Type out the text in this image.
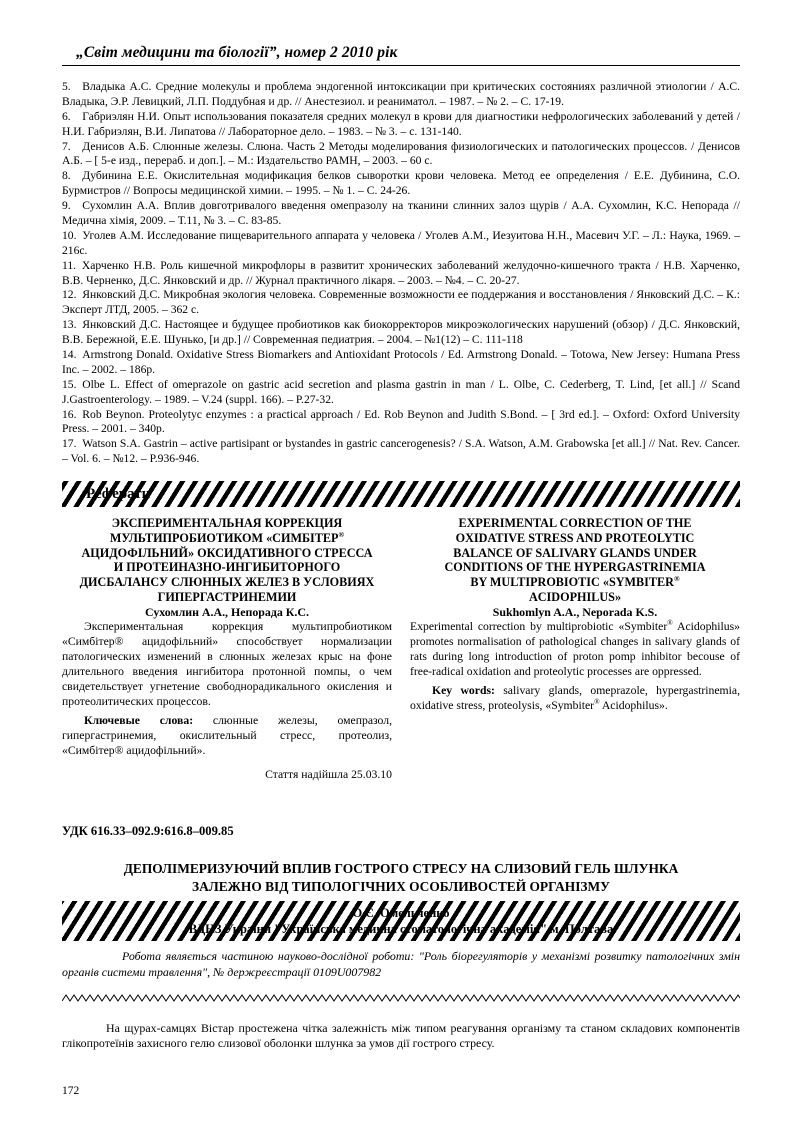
„Світ медицини та біології”, номер 2 2010 рік

5. Владыка А.С. Средние молекулы и проблема эндогенной интоксикации при критических состояниях различной этиологии / А.С. Владыка, Э.Р. Левицкий, Л.П. Поддубная и др. // Анестезиол. и реаниматол. – 1987. – № 2. – С. 17-19.

6. Габриэлян Н.И. Опыт использования показателя средних молекул в крови для диагностики нефрологических заболеваний у детей / Н.И. Габриэлян, В.И. Липатова // Лабораторное дело. – 1983. – № 3. – с. 131-140.

7. Денисов А.Б. Слюнные железы. Слюна. Часть 2 Методы моделирования физиологических и патологических процессов. / Денисов А.Б. – [ 5-е изд., перераб. и доп.]. – М.: Издательство РАМН, – 2003. – 60 с.

8. Дубинина Е.Е. Окислительная модификация белков сыворотки крови человека. Метод ее определения / Е.Е. Дубинина, С.О. Бурмистров // Вопросы медицинской химии. – 1995. – № 1. – С. 24-26.

9. Сухомлин А.А. Вплив довготривалого введення омепразолу на тканини слинних залоз щурів / А.А. Сухомлин, К.С. Непорада // Медична хімія, 2009. – Т.11, № 3. – С. 83-85.

10. Уголев А.М. Исследование пищеварительного аппарата у человека / Уголев А.М., Иезуитова Н.Н., Масевич У.Г. – Л.: Наука, 1969. – 216с.

11. Харченко Н.В. Роль кишечной микрофлоры в развитит хронических заболеваний желудочно-кишечного тракта / Н.В. Харченко, В.В. Черненко, Д.С. Янковский и др. // Журнал практичного лікаря. – 2003. – №4. – С. 20-27.

12. Янковский Д.С. Микробная экология человека. Современные возможности ее поддержания и восстановления / Янковский Д.С. – К.: Эксперт ЛТД, 2005. – 362 с.

13. Янковский Д.С. Настоящее и будущее пробиотиков как биокорректоров микроэкологических нарушений (обзор) / Д.С. Янковский, В.В. Бережной, Е.Е. Шунько, [и др.] // Современная педиатрия. – 2004. – №1(12) – С. 111-118

14. Armstrong Donald. Oxidative Stress Biomarkers and Antioxidant Protocols / Ed. Armstrong Donald. – Totowa, New Jersey: Humana Press Inc. – 2002. – 186p.

15. Olbe L. Effect of omeprazole on gastric acid secretion and plasma gastrin in man / L. Olbe, C. Cederberg, T. Lind, [et all.] // Scand J.Gastroenterology. – 1989. – V.24 (suppl. 166). – P.27-32.

16. Rob Beynon. Proteolytyc enzymes : a practical approach / Ed. Rob Beynon and Judith S.Bond. – [ 3rd ed.]. – Oxford: Oxford University Press. – 2001. – 340p.

17. Watson S.A. Gastrin – active partisipant or bystandes in gastric cancerogenesis? / S.A. Watson, A.M. Grabowska [et all.] // Nat. Rev. Cancer. – Vol. 6. – №12. – P.936-946.

Реферати

ЭКСПЕРИМЕНТАЛЬНАЯ КОРРЕКЦИЯ
МУЛЬТИПРОБИОТИКОМ «СИМБІТЕР®
АЦИДОФІЛЬНИЙ» ОКСИДАТИВНОГО СТРЕССА
И ПРОТЕИНАЗНО-ИНГИБИТОРНОГО
ДИСБАЛАНСУ СЛЮННЫХ ЖЕЛЕЗ В УСЛОВИЯХ
ГИПЕРГАСТРИНЕМИИ

Сухомлин А.А., Непорада К.С.

Экспериментальная коррекция мультипробиотиком «Симбітер® ацидофільний» способствует нормализации патологических изменений в слюнных железах крыс на фоне длительного введения ингибитора протонной помпы, о чем свидетельствует угнетение свободнорадикального окисления и протеолитических процессов.

Ключевые слова: слюнные железы, омепразол, гипергастринемия, окислительный стресс, протеолиз, «Симбітер® ацидофільний».

Стаття надійшла 25.03.10

EXPERIMENTAL CORRECTION OF THE
OXIDATIVE STRESS AND PROTEOLYTIC
BALANCE OF SALIVARY GLANDS UNDER
CONDITIONS OF THE HYPERGASTRINEMIA
BY MULTIPROBIOTIC «SYMBITER®
ACIDOPHILUS»

Sukhomlyn A.A., Neporada K.S.

Experimental correction by multiprobiotic «Symbiter® Acidophilus» promotes normalisation of pathological changes in salivary glands of rats during long introduction of proton pomp inhibitor becouse of free-radical oxidation and proteolytic processes are oppressed.

Key words: salivary glands, omeprazole, hypergastrinemia, oxidative stress, proteolysis, «Symbiter® Acidophilus».

УДК 616.33–092.9:616.8–009.85
ДЕПОЛІМЕРИЗУЮЧИЙ ВПЛИВ ГОСТРОГО СТРЕСУ НА СЛИЗОВИЙ ГЕЛЬ ШЛУНКА
ЗАЛЕЖНО ВІД ТИПОЛОГІЧНИХ ОСОБЛИВОСТЕЙ ОРГАНІЗМУ
О.Є. Омельченко
ВДНЗ України "Українська медична стоматологічна академія" м. Полтава
Робота являється частиною науково-дослідної роботи: "Роль біорегуляторів у механізмі розвитку патологічних змін органів системи травлення", № держреєстрації 0109U007982
На щурах-самцях Вістар простежена чітка залежність між типом реагування організму та станом складових компонентів глікопротеїнів захисного гелю слизової оболонки шлунка за умов дії гострого стресу.
172
